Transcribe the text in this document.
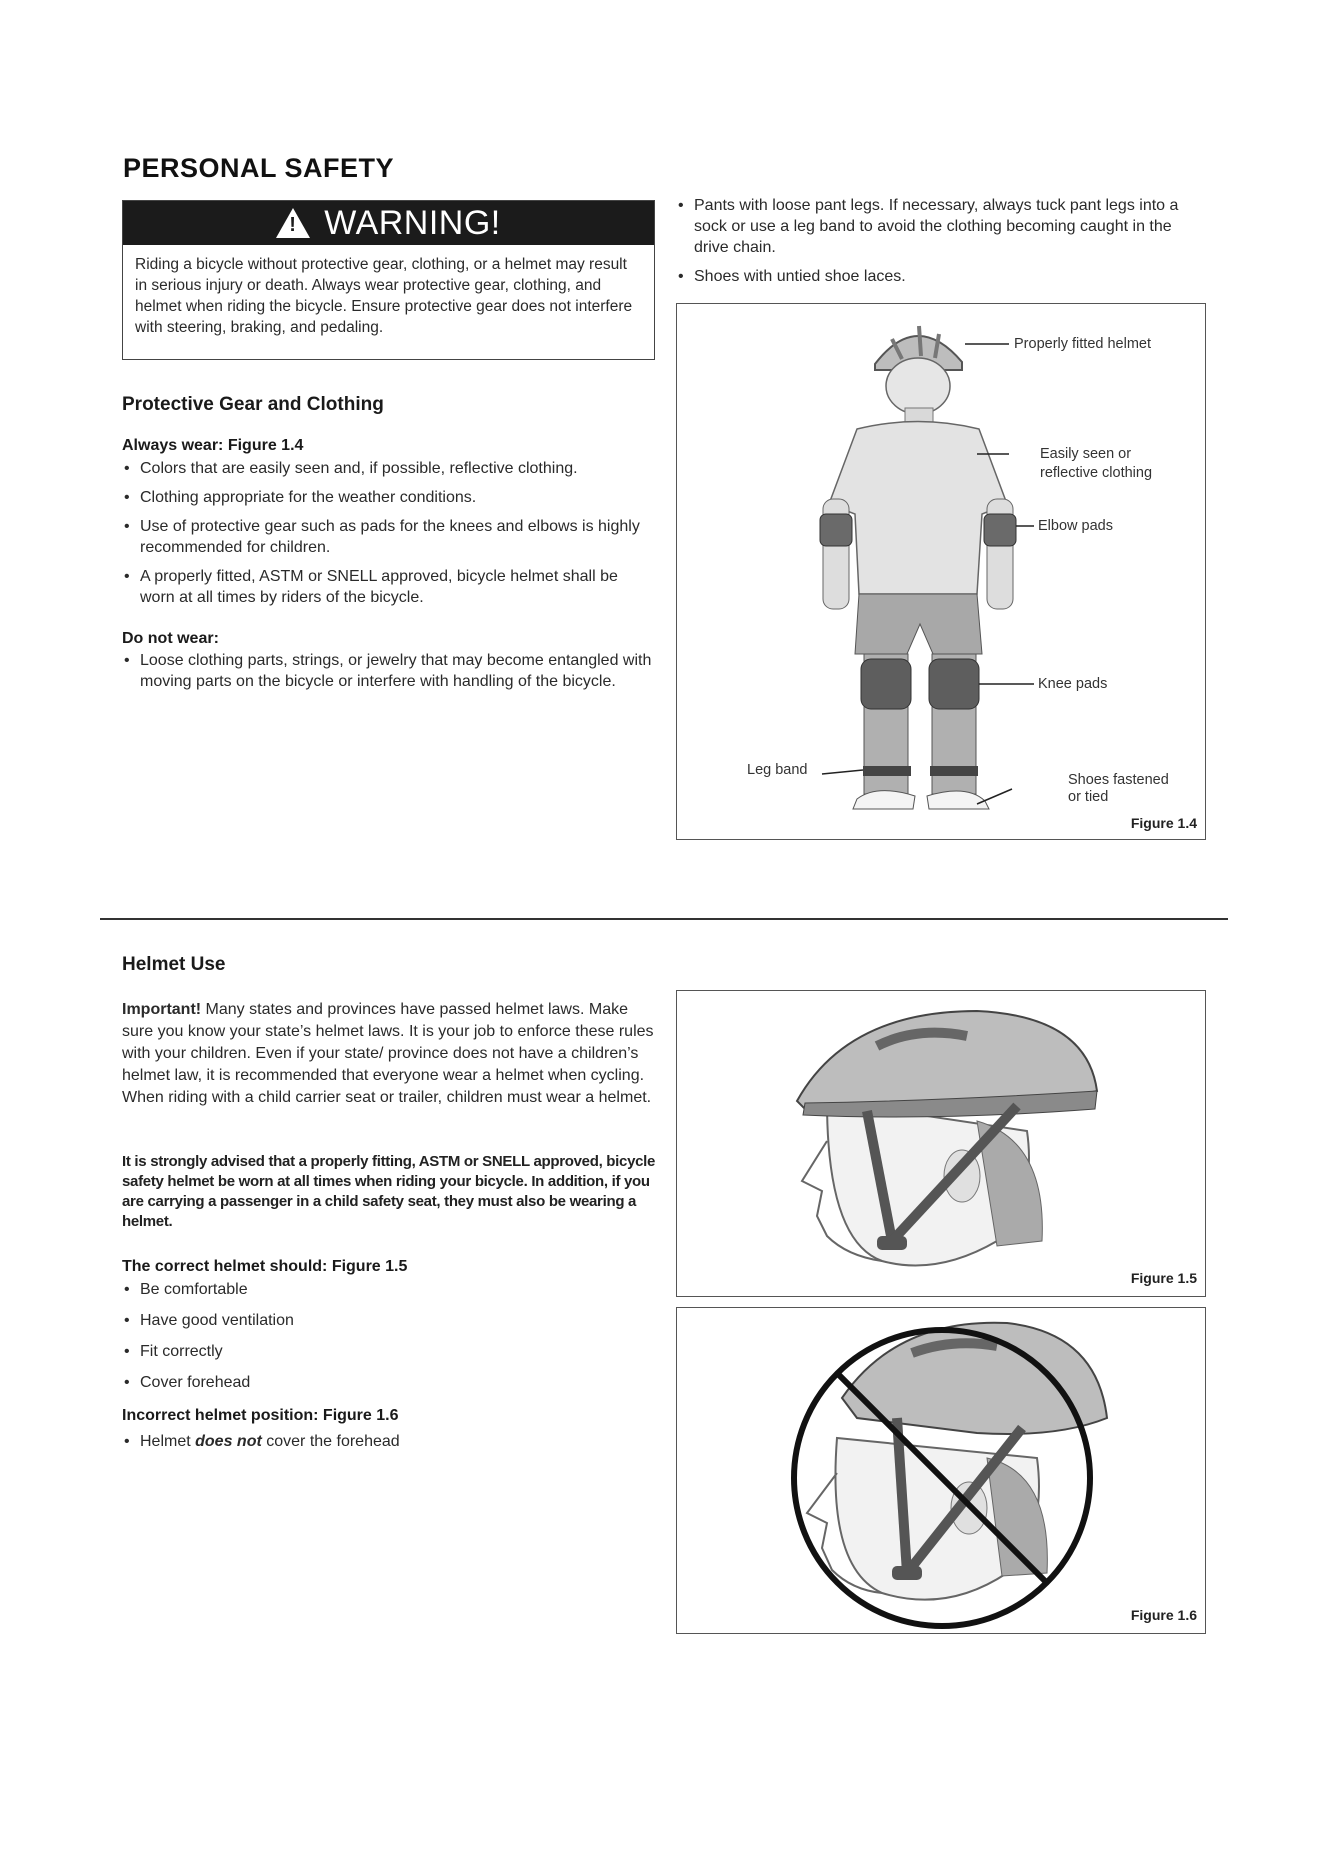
PERSONAL SAFETY
! WARNING!
Riding a bicycle without protective gear, clothing, or a helmet may result in serious injury or death. Always wear protective gear, clothing, and helmet when riding the bicycle. Ensure protective gear does not interfere with steering, braking, and pedaling.
Protective Gear and Clothing
Always wear: Figure 1.4
• Colors that are easily seen and, if possible, reflective clothing.
• Clothing appropriate for the weather conditions.
• Use of protective gear such as pads for the knees and elbows is highly recommended for children.
• A properly fitted, ASTM or SNELL approved, bicycle helmet shall be worn at all times by riders of the bicycle.
Do not wear:
• Loose clothing parts, strings, or jewelry that may become entangled with moving parts on the bicycle or interfere with handling of the bicycle.
• Pants with loose pant legs. If necessary, always tuck pant legs into a sock or use a leg band to avoid the clothing becoming caught in the drive chain.
• Shoes with untied shoe laces.
Properly fitted helmet
Easily seen or
reflective clothing
Elbow pads
Knee pads
Leg band
Shoes fastened
or tied
Figure 1.4
Helmet Use
Important! Many states and provinces have passed helmet laws. Make sure you know your state’s helmet laws. It is your job to enforce these rules with your children. Even if your state/ province does not have a children’s helmet law, it is recommended that everyone wear a helmet when cycling. When riding with a child carrier seat or trailer, children must wear a helmet.
It is strongly advised that a properly fitting, ASTM or SNELL approved, bicycle safety helmet be worn at all times when riding your bicycle. In addition, if you are carrying a passenger in a child safety seat, they must also be wearing a helmet.
The correct helmet should: Figure 1.5
• Be comfortable
• Have good ventilation
• Fit correctly
• Cover forehead
Incorrect helmet position: Figure 1.6
• Helmet does not cover the forehead
Figure 1.5
Figure 1.6
